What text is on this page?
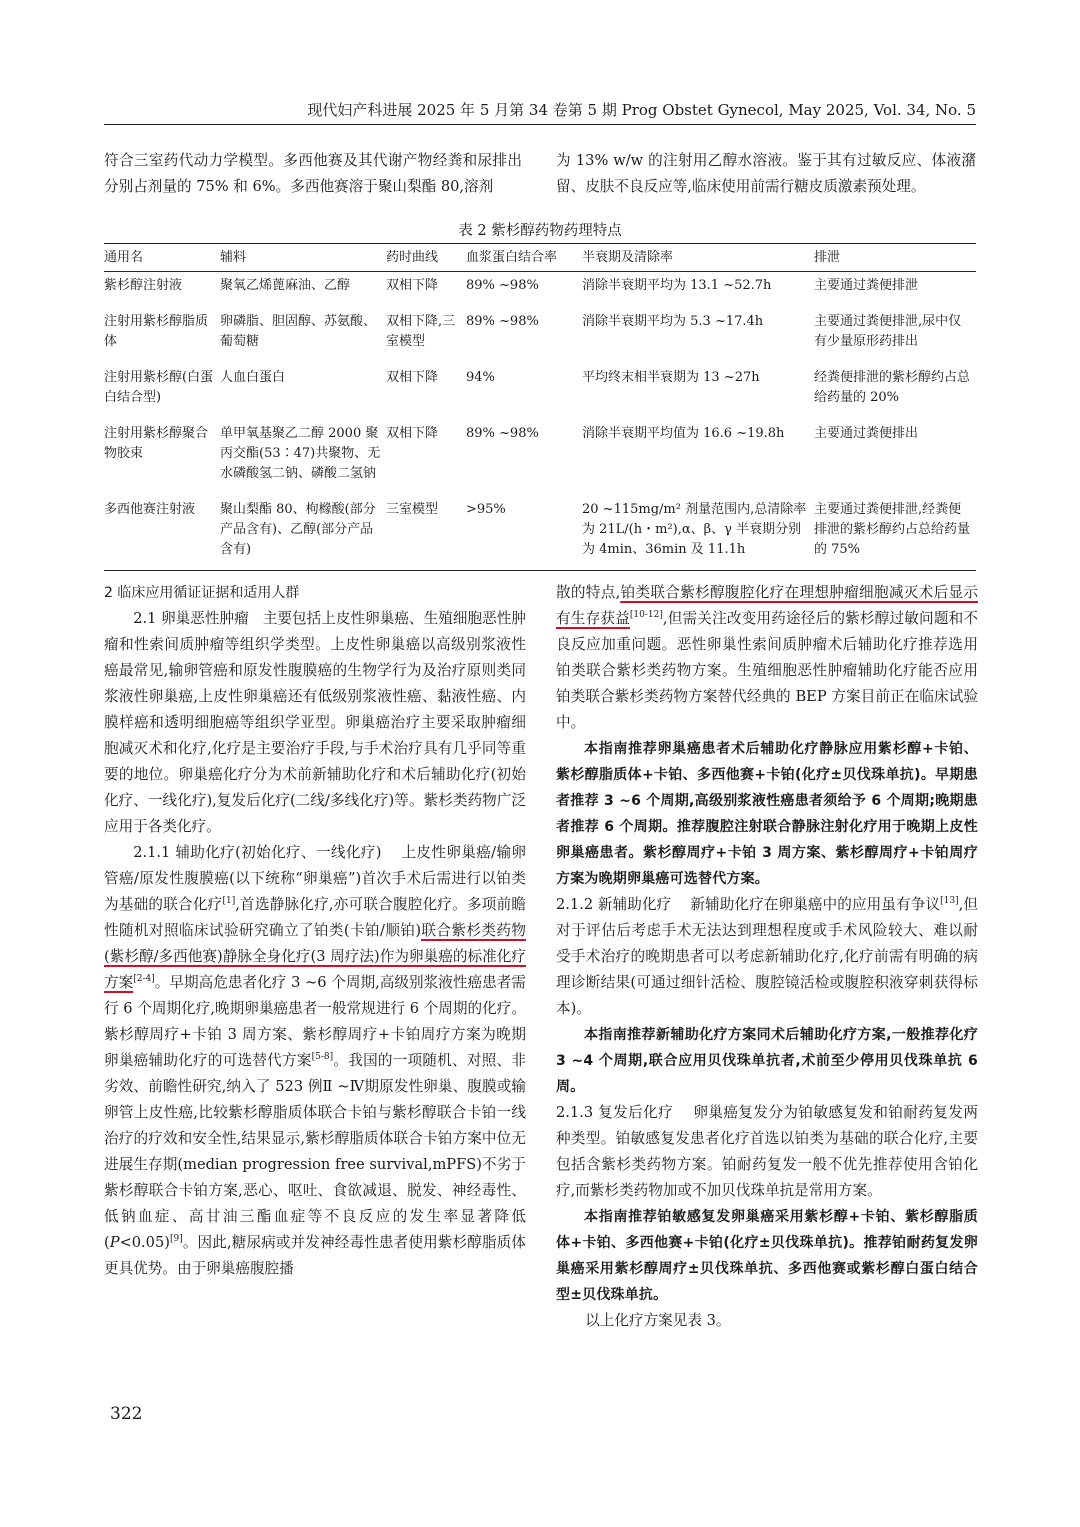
现代妇产科进展 2025 年 5 月第 34 卷第 5 期 Prog Obstet Gynecol, May 2025, Vol. 34, No. 5

符合三室药代动力学模型。多西他赛及其代谢产物经粪和尿排出分别占剂量的 75% 和 6%。多西他赛溶于聚山梨酯 80,溶剂

为 13% w/w 的注射用乙醇水溶液。鉴于其有过敏反应、体液潴留、皮肤不良反应等,临床使用前需行糖皮质激素预处理。

表 2 紫杉醇药物药理特点
通用名	辅料	药时曲线	血浆蛋白结合率	半衰期及清除率	排泄
紫杉醇注射液	聚氧乙烯蓖麻油、乙醇	双相下降	89% ~98%	消除半衰期平均为 13.1 ~52.7h	主要通过粪便排泄
注射用紫杉醇脂质体	卵磷脂、胆固醇、苏氨酸、葡萄糖	双相下降,三室模型	89% ~98%	消除半衰期平均为 5.3 ~17.4h	主要通过粪便排泄,尿中仅有少量原形药排出
注射用紫杉醇(白蛋白结合型)	人血白蛋白	双相下降	94%	平均终末相半衰期为 13 ~27h	经粪便排泄的紫杉醇约占总给药量的 20%
注射用紫杉醇聚合物胶束	单甲氧基聚乙二醇 2000 聚丙交酯(53∶47)共聚物、无水磷酸氢二钠、磷酸二氢钠	双相下降	89% ~98%	消除半衰期平均值为 16.6 ~19.8h	主要通过粪便排出
多西他赛注射液	聚山梨酯 80、枸橼酸(部分产品含有)、乙醇(部分产品含有)	三室模型	>95%	20 ~115mg/m² 剂量范围内,总清除率为 21L/(h・m²),α、β、γ 半衰期分别为 4min、36min 及 11.1h	主要通过粪便排泄,经粪便排泄的紫杉醇约占总给药量的 75%

2 临床应用循证证据和适用人群

2.1 卵巢恶性肿瘤 主要包括上皮性卵巢癌、生殖细胞恶性肿瘤和性索间质肿瘤等组织学类型。上皮性卵巢癌以高级别浆液性癌最常见,输卵管癌和原发性腹膜癌的生物学行为及治疗原则类同浆液性卵巢癌,上皮性卵巢癌还有低级别浆液性癌、黏液性癌、内膜样癌和透明细胞癌等组织学亚型。卵巢癌治疗主要采取肿瘤细胞减灭术和化疗,化疗是主要治疗手段,与手术治疗具有几乎同等重要的地位。卵巢癌化疗分为术前新辅助化疗和术后辅助化疗(初始化疗、一线化疗),复发后化疗(二线/多线化疗)等。紫杉类药物广泛应用于各类化疗。

2.1.1 辅助化疗(初始化疗、一线化疗) 上皮性卵巢癌/输卵管癌/原发性腹膜癌(以下统称“卵巢癌”)首次手术后需进行以铂类为基础的联合化疗[1],首选静脉化疗,亦可联合腹腔化疗。多项前瞻性随机对照临床试验研究确立了铂类(卡铂/顺铂)联合紫杉类药物(紫杉醇/多西他赛)静脉全身化疗(3 周疗法)作为卵巢癌的标准化疗方案[2-4]。早期高危患者化疗 3 ~6 个周期,高级别浆液性癌患者需行 6 个周期化疗,晚期卵巢癌患者一般常规进行 6 个周期的化疗。紫杉醇周疗+卡铂 3 周方案、紫杉醇周疗+卡铂周疗方案为晚期卵巢癌辅助化疗的可选替代方案[5-8]。我国的一项随机、对照、非劣效、前瞻性研究,纳入了 523 例Ⅱ ~Ⅳ期原发性卵巢、腹膜或输卵管上皮性癌,比较紫杉醇脂质体联合卡铂与紫杉醇联合卡铂一线治疗的疗效和安全性,结果显示,紫杉醇脂质体联合卡铂方案中位无进展生存期(median progression free survival,mPFS)不劣于紫杉醇联合卡铂方案,恶心、呕吐、食欲减退、脱发、神经毒性、低钠血症、高甘油三酯血症等不良反应的发生率显著降低(P<0.05)[9]。因此,糖尿病或并发神经毒性患者使用紫杉醇脂质体更具优势。由于卵巢癌腹腔播

散的特点,铂类联合紫杉醇腹腔化疗在理想肿瘤细胞减灭术后显示有生存获益[10-12],但需关注改变用药途径后的紫杉醇过敏问题和不良反应加重问题。恶性卵巢性索间质肿瘤术后辅助化疗推荐选用铂类联合紫杉类药物方案。生殖细胞恶性肿瘤辅助化疗能否应用铂类联合紫杉类药物方案替代经典的 BEP 方案目前正在临床试验中。

本指南推荐卵巢癌患者术后辅助化疗静脉应用紫杉醇+卡铂、紫杉醇脂质体+卡铂、多西他赛+卡铂(化疗±贝伐珠单抗)。早期患者推荐 3 ~6 个周期,高级别浆液性癌患者须给予 6 个周期;晚期患者推荐 6 个周期。推荐腹腔注射联合静脉注射化疗用于晚期上皮性卵巢癌患者。紫杉醇周疗+卡铂 3 周方案、紫杉醇周疗+卡铂周疗方案为晚期卵巢癌可选替代方案。

2.1.2 新辅助化疗 新辅助化疗在卵巢癌中的应用虽有争议[13],但对于评估后考虑手术无法达到理想程度或手术风险较大、难以耐受手术治疗的晚期患者可以考虑新辅助化疗,化疗前需有明确的病理诊断结果(可通过细针活检、腹腔镜活检或腹腔积液穿刺获得标本)。

本指南推荐新辅助化疗方案同术后辅助化疗方案,一般推荐化疗 3 ~4 个周期,联合应用贝伐珠单抗者,术前至少停用贝伐珠单抗 6 周。

2.1.3 复发后化疗 卵巢癌复发分为铂敏感复发和铂耐药复发两种类型。铂敏感复发患者化疗首选以铂类为基础的联合化疗,主要包括含紫杉类药物方案。铂耐药复发一般不优先推荐使用含铂化疗,而紫杉类药物加或不加贝伐珠单抗是常用方案。

本指南推荐铂敏感复发卵巢癌采用紫杉醇+卡铂、紫杉醇脂质体+卡铂、多西他赛+卡铂(化疗±贝伐珠单抗)。推荐铂耐药复发卵巢癌采用紫杉醇周疗±贝伐珠单抗、多西他赛或紫杉醇白蛋白结合型±贝伐珠单抗。

以上化疗方案见表 3。

322
